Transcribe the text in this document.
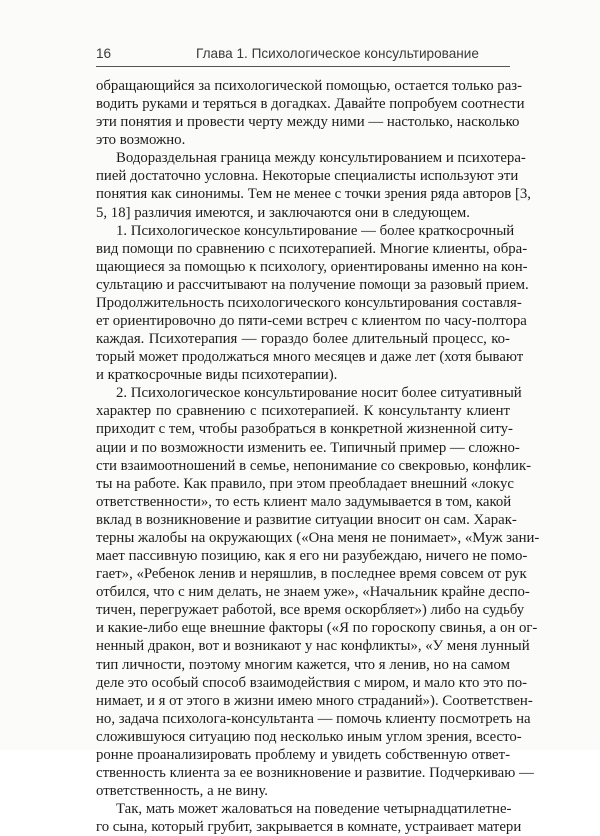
16	Глава 1. Психологическое консультирование
обращающийся за психологической помощью, остается только раз-
водить руками и теряться в догадках. Давайте попробуем соотнести
эти понятия и провести черту между ними — настолько, насколько
это возможно.
Водораздельная граница между консультированием и психотера-
пией достаточно условна. Некоторые специалисты используют эти
понятия как синонимы. Тем не менее с точки зрения ряда авторов [3,
5, 18] различия имеются, и заключаются они в следующем.
1. Психологическое консультирование — более краткосрочный
вид помощи по сравнению с психотерапией. Многие клиенты, обра-
щающиеся за помощью к психологу, ориентированы именно на кон-
сультацию и рассчитывают на получение помощи за разовый прием.
Продолжительность психологического консультирования составля-
ет ориентировочно до пяти-семи встреч с клиентом по часу-полтора
каждая. Психотерапия — гораздо более длительный процесс, ко-
торый может продолжаться много месяцев и даже лет (хотя бывают
и краткосрочные виды психотерапии).
2. Психологическое консультирование носит более ситуативный
характер по сравнению с психотерапией. К консультанту клиент
приходит с тем, чтобы разобраться в конкретной жизненной ситу-
ации и по возможности изменить ее. Типичный пример — сложно-
сти взаимоотношений в семье, непонимание со свекровью, конфлик-
ты на работе. Как правило, при этом преобладает внешний «локус
ответственности», то есть клиент мало задумывается в том, какой
вклад в возникновение и развитие ситуации вносит он сам. Харак-
терны жалобы на окружающих («Она меня не понимает», «Муж зани-
мает пассивную позицию, как я его ни разубеждаю, ничего не помо-
гает», «Ребенок ленив и неряшлив, в последнее время совсем от рук
отбился, что с ним делать, не знаем уже», «Начальник крайне деспо-
тичен, перегружает работой, все время оскорбляет») либо на судьбу
и какие-либо еще внешние факторы («Я по гороскопу свинья, а он ог-
ненный дракон, вот и возникают у нас конфликты», «У меня лунный
тип личности, поэтому многим кажется, что я ленив, но на самом
деле это особый способ взаимодействия с миром, и мало кто это по-
нимает, и я от этого в жизни имею много страданий»). Соответствен-
но, задача психолога-консультанта — помочь клиенту посмотреть на
сложившуюся ситуацию под несколько иным углом зрения, всесто-
ронне проанализировать проблему и увидеть собственную ответ-
ственность клиента за ее возникновение и развитие. Подчеркиваю —
ответственность, а не вину.
Так, мать может жаловаться на поведение четырнадцатилетне-
го сына, который грубит, закрывается в комнате, устраивает матери
